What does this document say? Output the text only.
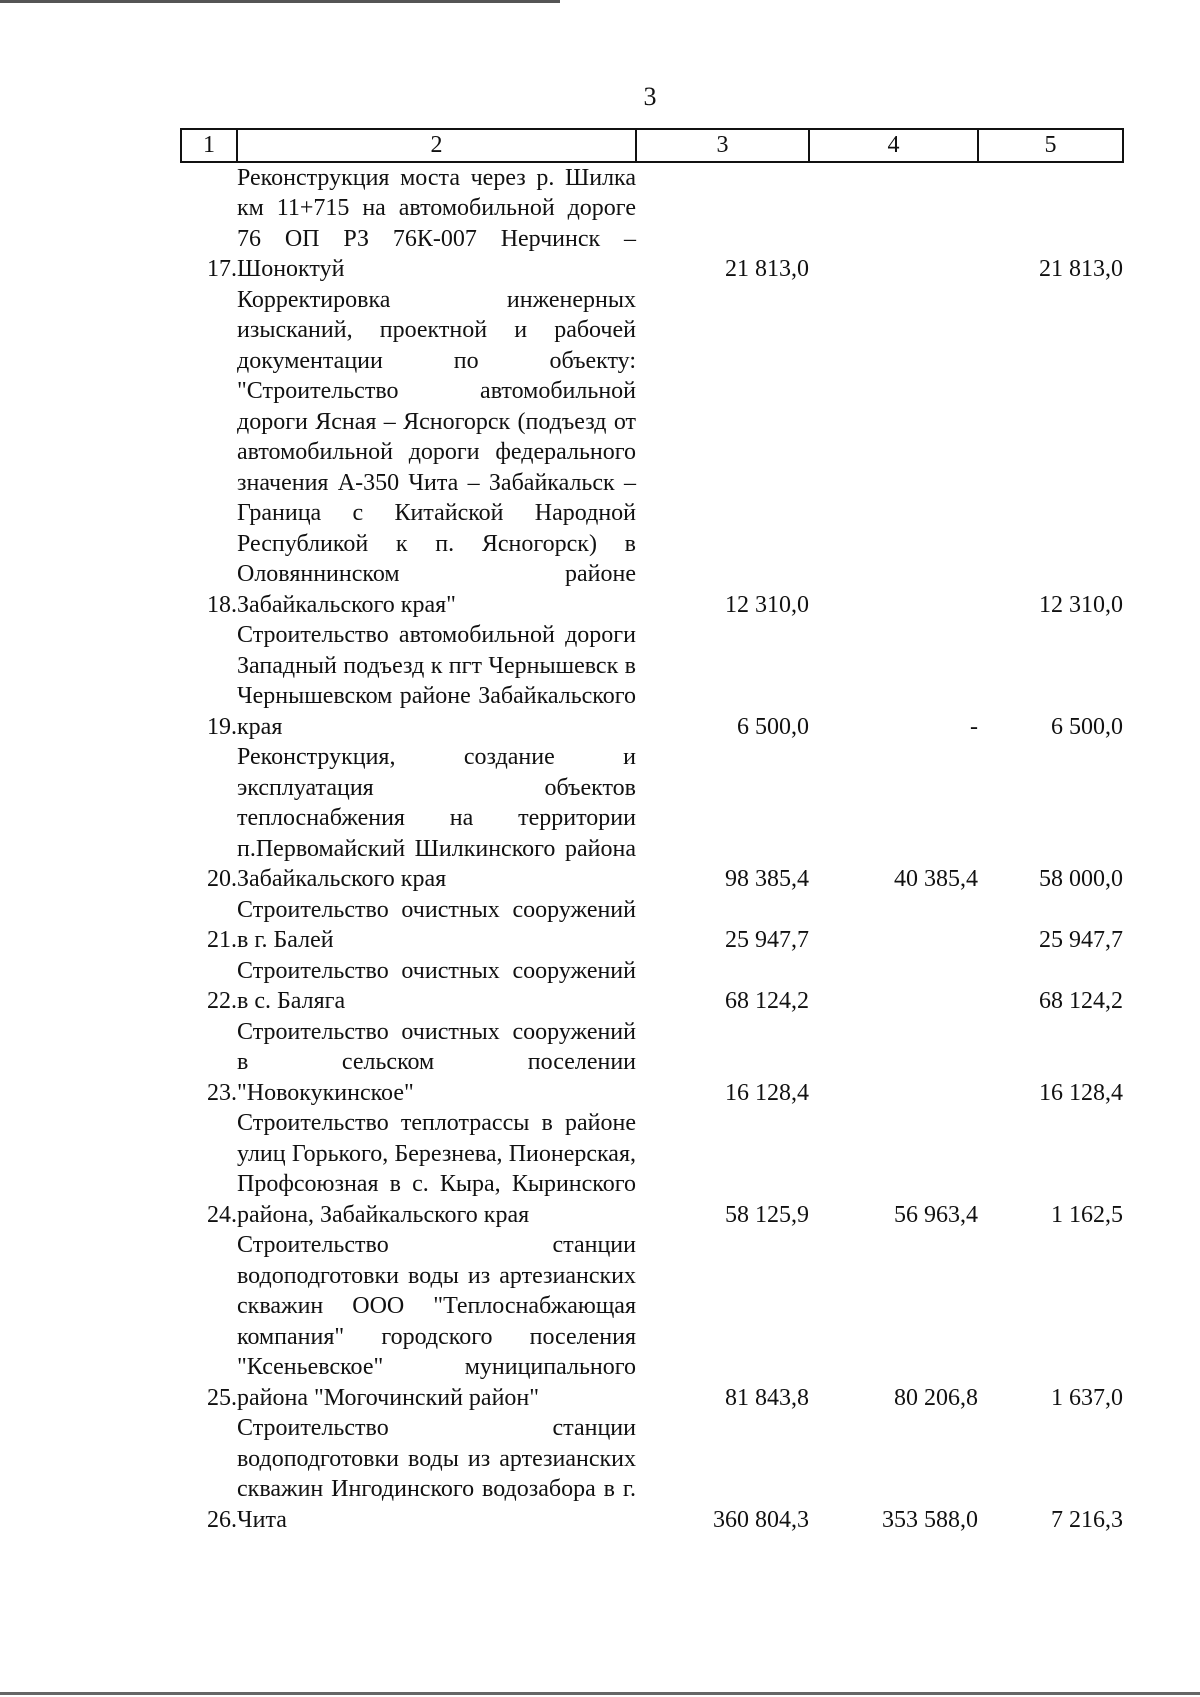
3
1	2	3	4	5
17.	Реконструкция моста через р. Шилка км 11+715 на автомобильной дороге 76 ОП РЗ 76К-007 Нерчинск – Шоноктуй	21 813,0		21 813,0
18.	Корректировка инженерных изысканий, проектной и рабочей документации по объекту: "Строительство автомобильной дороги Ясная – Ясногорск (подъезд от автомобильной дороги федерального значения А-350 Чита – Забайкальск – Граница с Китайской Народной Республикой к п. Ясногорск) в Оловяннинском районе Забайкальского края"	12 310,0		12 310,0
19.	Строительство автомобильной дороги Западный подъезд к пгт Чернышевск в Чернышевском районе Забайкальского края	6 500,0	-	6 500,0
20.	Реконструкция, создание и эксплуатация объектов теплоснабжения на территории п.Первомайский Шилкинского района Забайкальского края	98 385,4	40 385,4	58 000,0
21.	Строительство очистных сооружений в г. Балей	25 947,7		25 947,7
22.	Строительство очистных сооружений в с. Баляга	68 124,2		68 124,2
23.	Строительство очистных сооружений в сельском поселении "Новокукинское"	16 128,4		16 128,4
24.	Строительство теплотрассы в районе улиц Горького, Березнева, Пионерская, Профсоюзная в с. Кыра, Кыринского района, Забайкальского края	58 125,9	56 963,4	1 162,5
25.	Строительство станции водоподготовки воды из артезианских скважин ООО "Теплоснабжающая компания" городского поселения "Ксеньевское" муниципального района "Могочинский район"	81 843,8	80 206,8	1 637,0
26.	Строительство станции водоподготовки воды из артезианских скважин Ингодинского водозабора в г. Чита	360 804,3	353 588,0	7 216,3
